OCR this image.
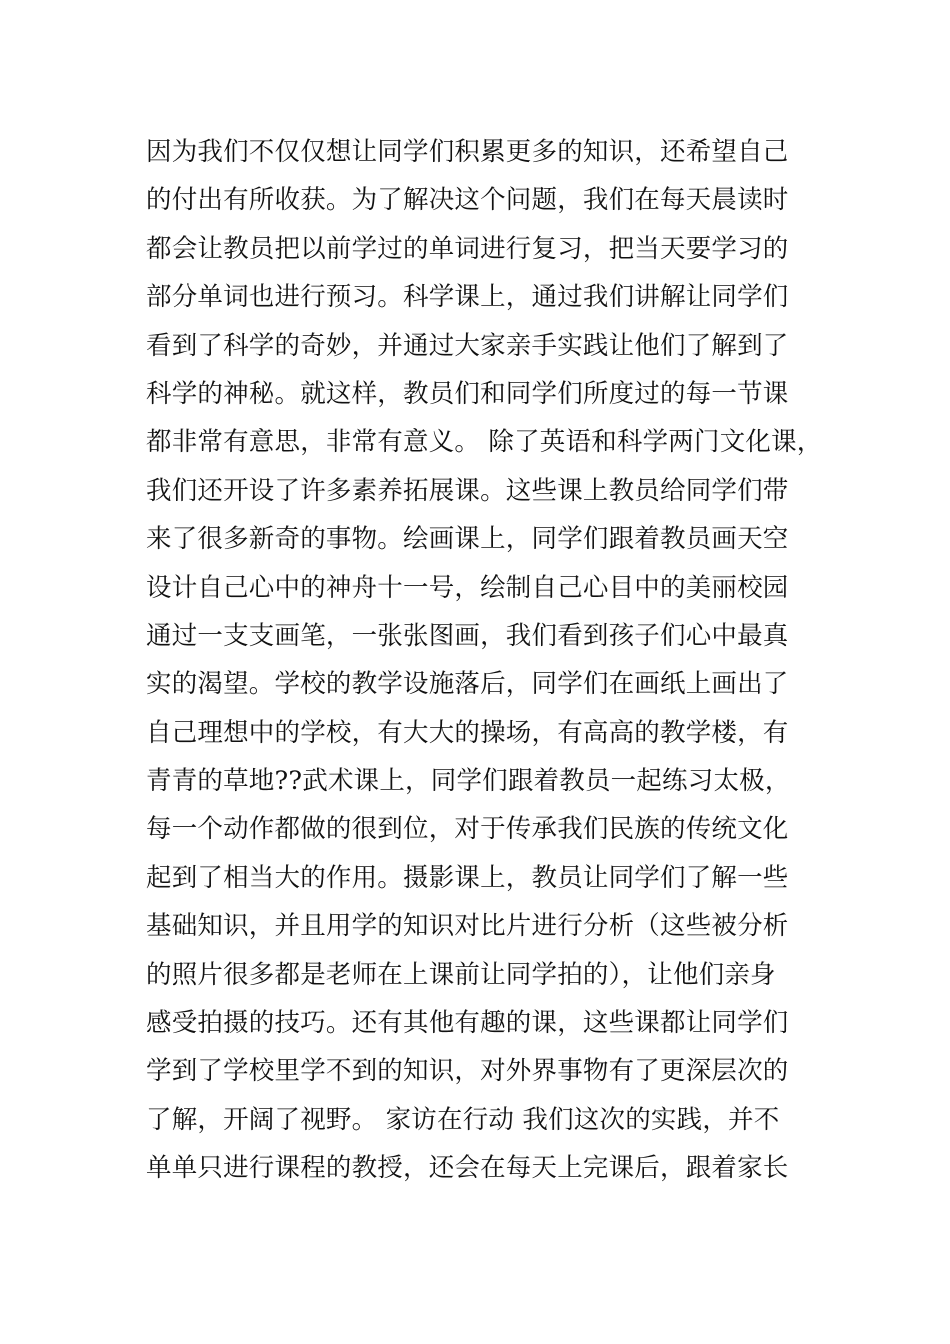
因为我们不仅仅想让同学们积累更多的知识，还希望自己
的付出有所收获。为了解决这个问题，我们在每天晨读时
都会让教员把以前学过的单词进行复习，把当天要学习的
部分单词也进行预习。科学课上，通过我们讲解让同学们
看到了科学的奇妙，并通过大家亲手实践让他们了解到了
科学的神秘。就这样，教员们和同学们所度过的每一节课
都非常有意思，非常有意义。 除了英语和科学两门文化课，
我们还开设了许多素养拓展课。这些课上教员给同学们带
来了很多新奇的事物。绘画课上，同学们跟着教员画天空
设计自己心中的神舟十一号，绘制自己心目中的美丽校园
通过一支支画笔，一张张图画，我们看到孩子们心中最真
实的渴望。学校的教学设施落后，同学们在画纸上画出了
自己理想中的学校，有大大的操场，有高高的教学楼，有
青青的草地??武术课上，同学们跟着教员一起练习太极，
每一个动作都做的很到位，对于传承我们民族的传统文化
起到了相当大的作用。摄影课上，教员让同学们了解一些
基础知识，并且用学的知识对比片进行分析（这些被分析
的照片很多都是老师在上课前让同学拍的），让他们亲身
感受拍摄的技巧。还有其他有趣的课，这些课都让同学们
学到了学校里学不到的知识，对外界事物有了更深层次的
了解，开阔了视野。 家访在行动 我们这次的实践，并不
单单只进行课程的教授，还会在每天上完课后，跟着家长
